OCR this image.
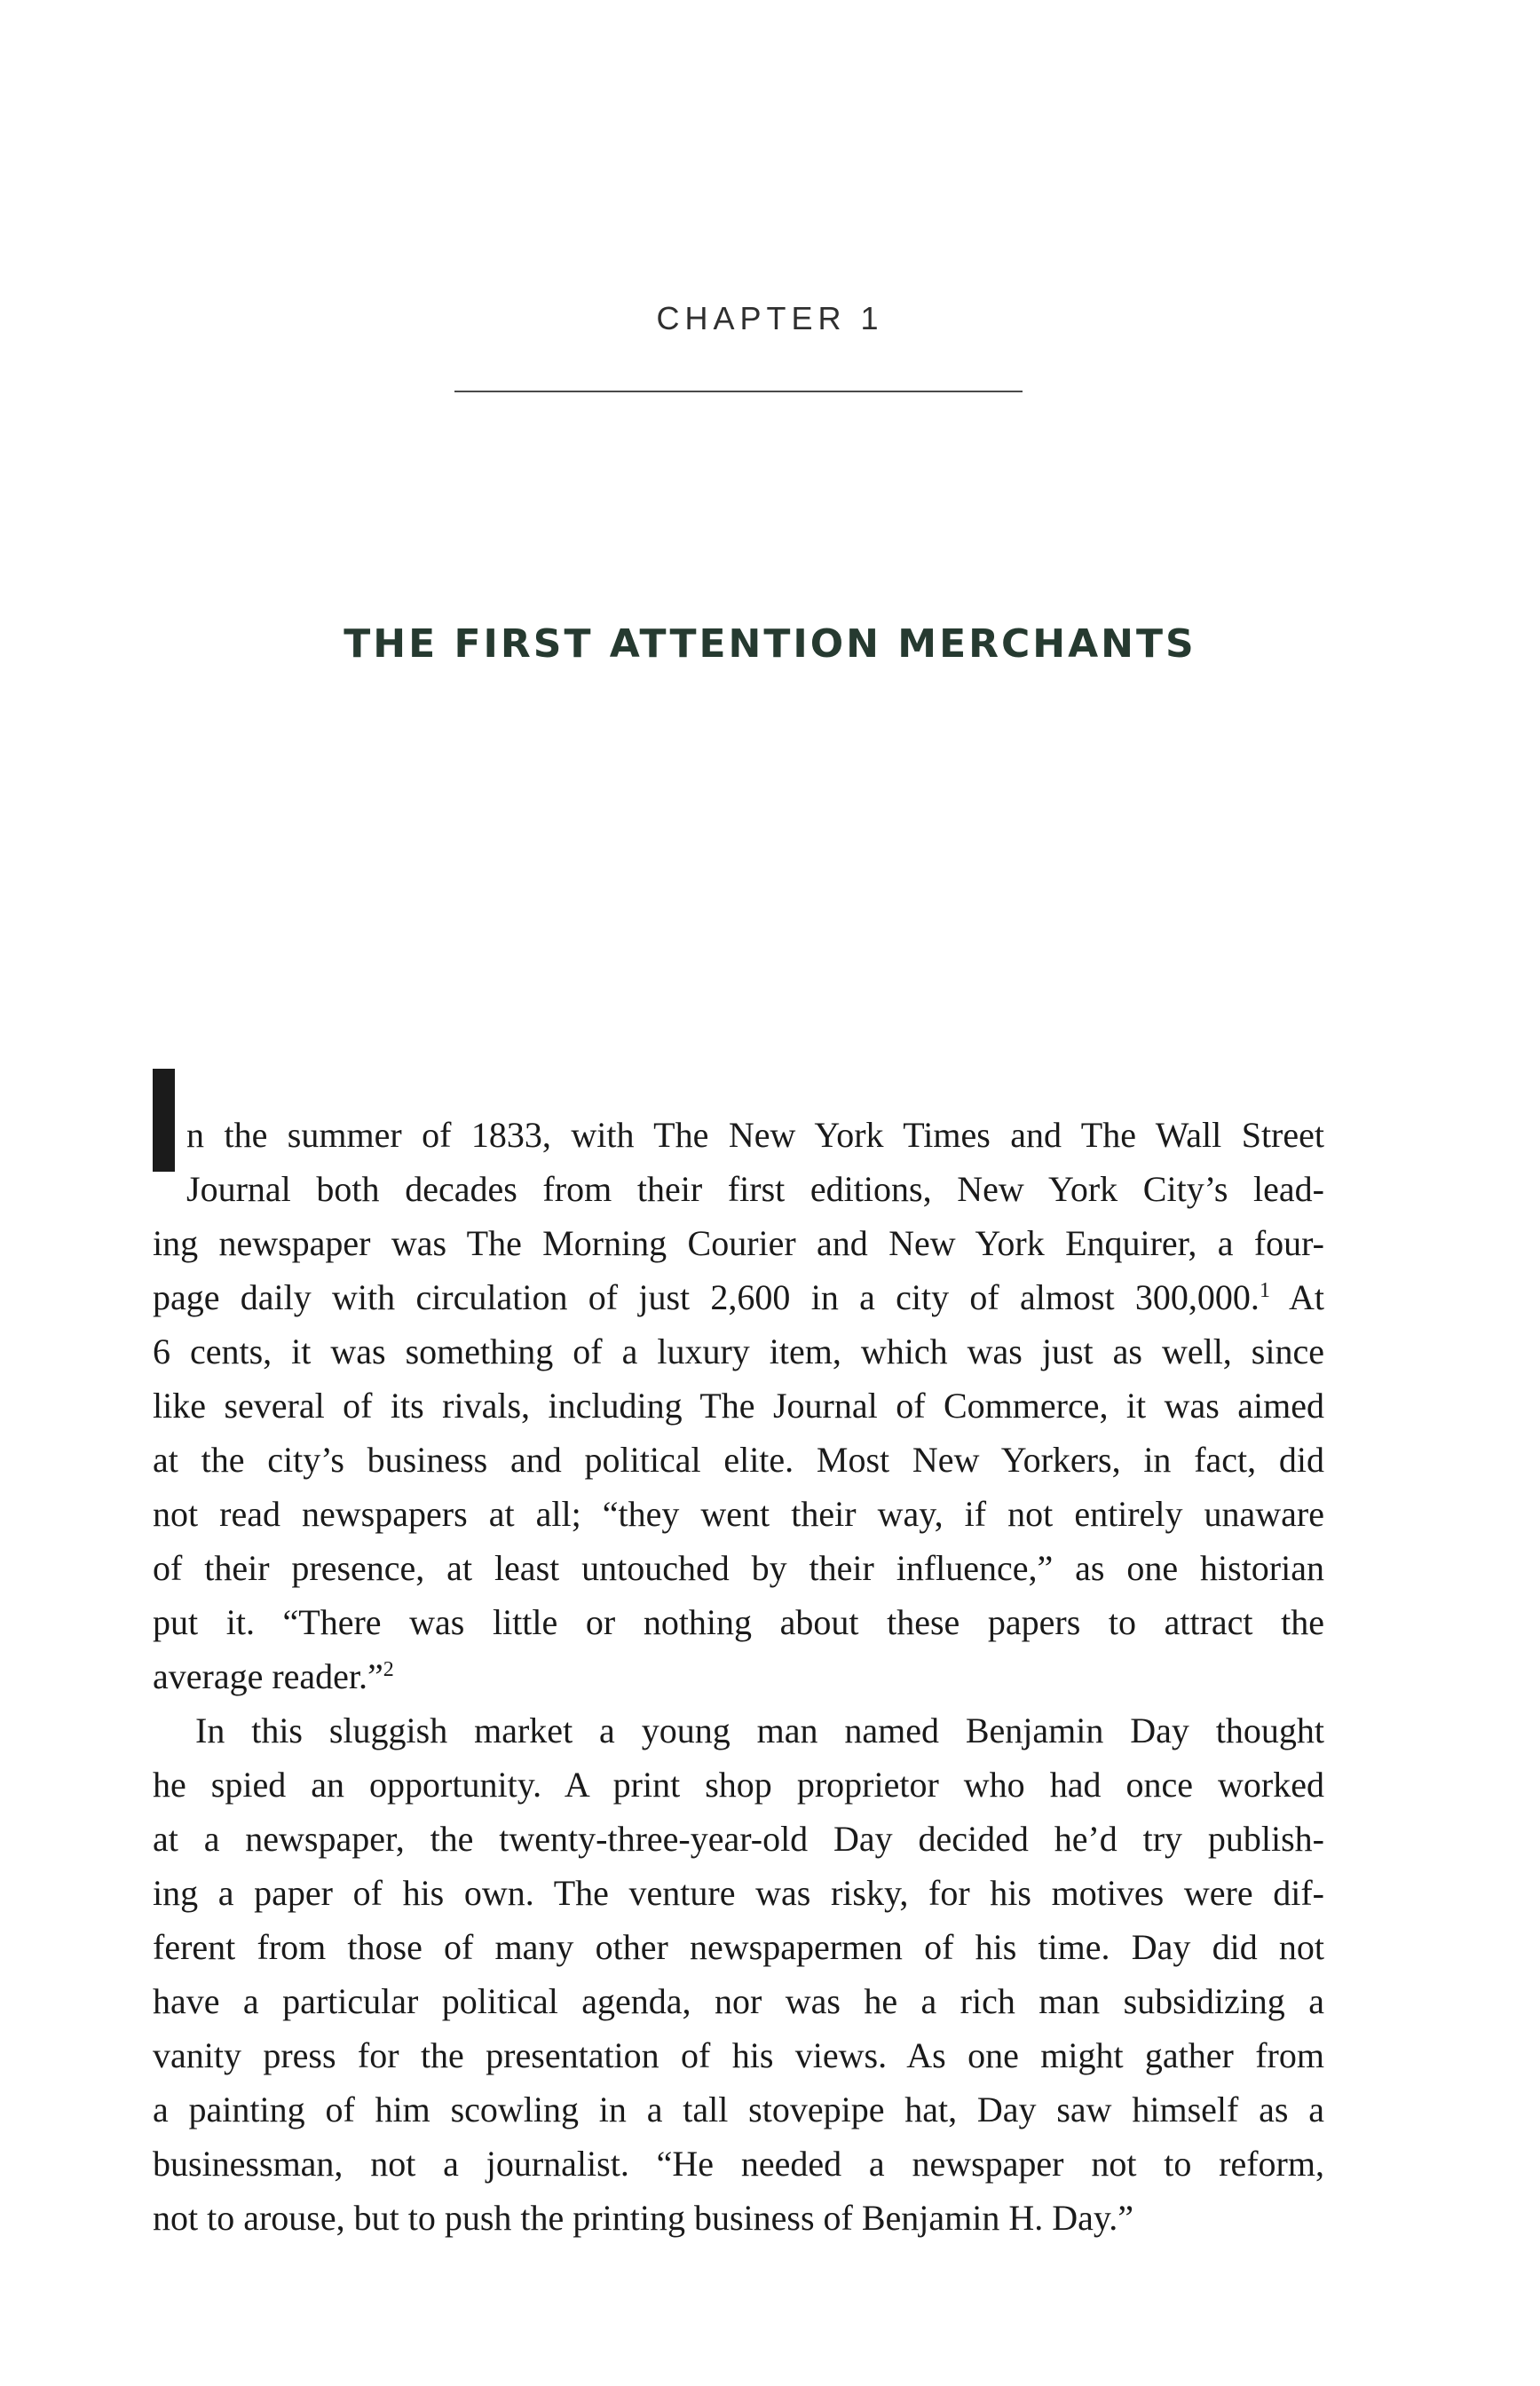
CHAPTER 1
THE FIRST ATTENTION MERCHANTS
n the summer of 1833, with The New York Times and The Wall Street
Journal both decades from their first editions, New York City’s lead-
ing newspaper was The Morning Courier and New York Enquirer, a four-
page daily with circulation of just 2,600 in a city of almost 300,000.$^1$ At
6 cents, it was something of a luxury item, which was just as well, since
like several of its rivals, including The Journal of Commerce, it was aimed
at the city’s business and political elite. Most New Yorkers, in fact, did
not read newspapers at all; “they went their way, if not entirely unaware
of their presence, at least untouched by their influence,” as one historian
put it. “There was little or nothing about these papers to attract the
average reader.”$^2$
In this sluggish market a young man named Benjamin Day thought
he spied an opportunity. A print shop proprietor who had once worked
at a newspaper, the twenty-three-year-old Day decided he’d try publish-
ing a paper of his own. The venture was risky, for his motives were dif-
ferent from those of many other newspapermen of his time. Day did not
have a particular political agenda, nor was he a rich man subsidizing a
vanity press for the presentation of his views. As one might gather from
a painting of him scowling in a tall stovepipe hat, Day saw himself as a
businessman, not a journalist. “He needed a newspaper not to reform,
not to arouse, but to push the printing business of Benjamin H. Day.”
